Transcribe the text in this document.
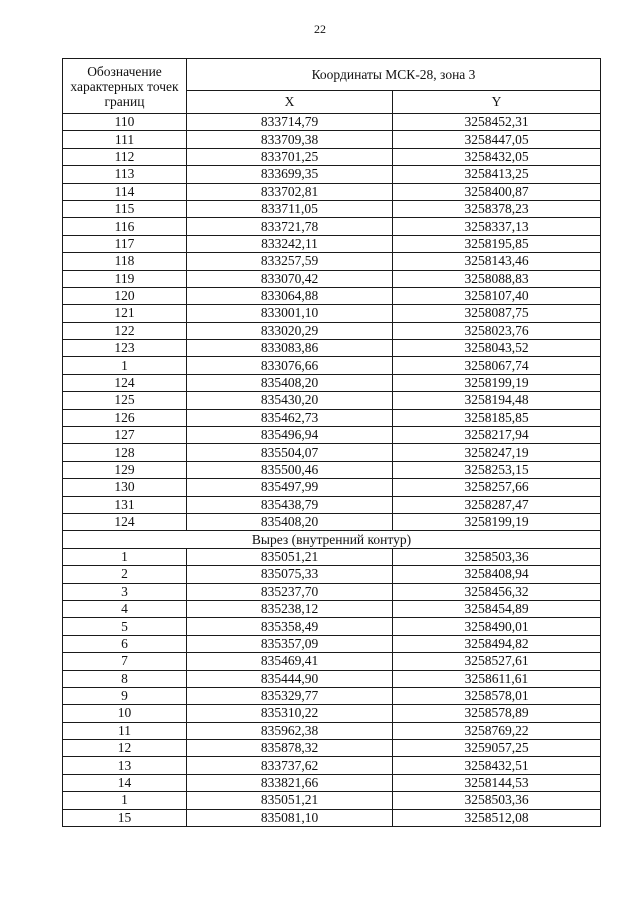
22
Обозначение характерных точек границ	Координаты МСК-28, зона 3	
	X	Y
110	833714,79	3258452,31
111	833709,38	3258447,05
112	833701,25	3258432,05
113	833699,35	3258413,25
114	833702,81	3258400,87
115	833711,05	3258378,23
116	833721,78	3258337,13
117	833242,11	3258195,85
118	833257,59	3258143,46
119	833070,42	3258088,83
120	833064,88	3258107,40
121	833001,10	3258087,75
122	833020,29	3258023,76
123	833083,86	3258043,52
1	833076,66	3258067,74
124	835408,20	3258199,19
125	835430,20	3258194,48
126	835462,73	3258185,85
127	835496,94	3258217,94
128	835504,07	3258247,19
129	835500,46	3258253,15
130	835497,99	3258257,66
131	835438,79	3258287,47
124	835408,20	3258199,19
Вырез (внутренний контур)		
1	835051,21	3258503,36
2	835075,33	3258408,94
3	835237,70	3258456,32
4	835238,12	3258454,89
5	835358,49	3258490,01
6	835357,09	3258494,82
7	835469,41	3258527,61
8	835444,90	3258611,61
9	835329,77	3258578,01
10	835310,22	3258578,89
11	835962,38	3258769,22
12	835878,32	3259057,25
13	833737,62	3258432,51
14	833821,66	3258144,53
1	835051,21	3258503,36
15	835081,10	3258512,08
